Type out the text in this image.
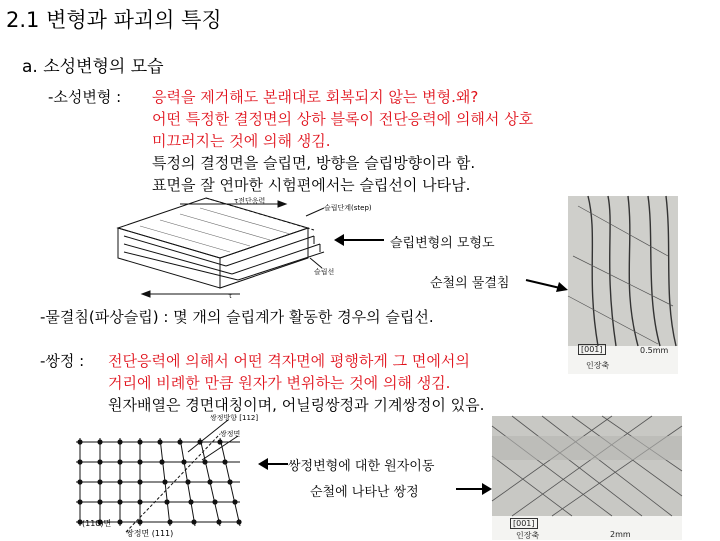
2.1 변형과 파괴의 특징
a. 소성변형의 모습
-소성변형 : 응력을 제거해도 본래대로 회복되지 않는 변형.왜?
어떤 특정한 결정면의 상하 블록이 전단응력에 의해서 상호
미끄러지는 것에 의해 생김.
특정의 결정면을 슬립면, 방향을 슬립방향이라 함.
표면을 잘 연마한 시험편에서는 슬립선이 나타남.
τ전단응력
슬립단계(step)
슬립선
τ
슬립변형의 모형도
순철의 물결침
[001]	0.5mm
인장축
-물결침(파상슬립) : 몇 개의 슬립계가 활동한 경우의 슬립선.
-쌍정 : 전단응력에 의해서 어떤 격자면에 평행하게 그 면에서의
거리에 비례한 만큼 원자가 변위하는 것에 의해 생김.
원자배열은 경면대칭이며, 어닐링쌍정과 기계쌍정이 있음.
쌍정방향 [112]
쌍정면
(110)면
쌍정면 (111)
쌍정변형에 대한 원자이동
순철에 나타난 쌍정
[001]
인장축	2mm
